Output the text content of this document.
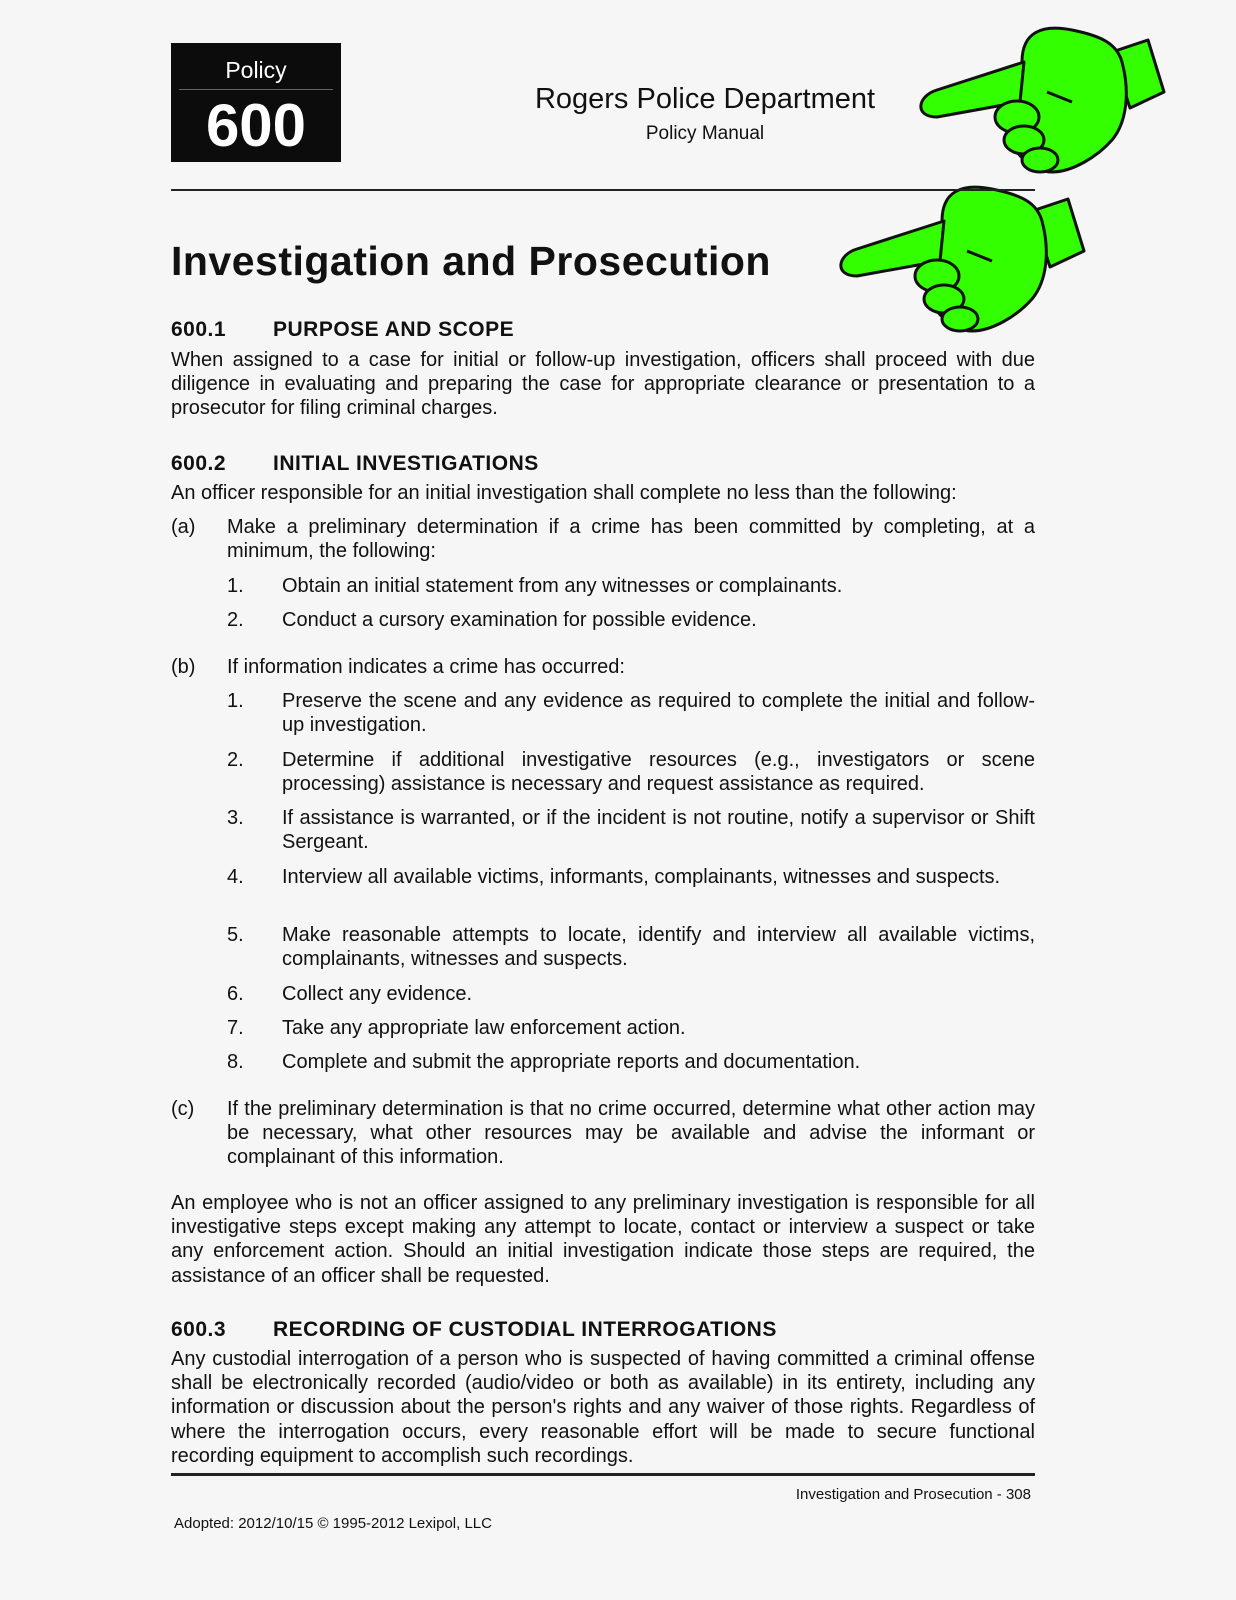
Policy
600	Rogers Police Department
Policy Manual
Investigation and Prosecution
600.1 PURPOSE AND SCOPE
When assigned to a case for initial or follow-up investigation, officers shall proceed with due diligence in evaluating and preparing the case for appropriate clearance or presentation to a prosecutor for filing criminal charges.
600.2 INITIAL INVESTIGATIONS
An officer responsible for an initial investigation shall complete no less than the following:
(a) Make a preliminary determination if a crime has been committed by completing, at a minimum, the following:
1. Obtain an initial statement from any witnesses or complainants.
2. Conduct a cursory examination for possible evidence.
(b) If information indicates a crime has occurred:
1. Preserve the scene and any evidence as required to complete the initial and follow-up investigation.
2. Determine if additional investigative resources (e.g., investigators or scene processing) assistance is necessary and request assistance as required.
3. If assistance is warranted, or if the incident is not routine, notify a supervisor or Shift Sergeant.
4. Interview all available victims, informants, complainants, witnesses and suspects.
5. Make reasonable attempts to locate, identify and interview all available victims, complainants, witnesses and suspects.
6. Collect any evidence.
7. Take any appropriate law enforcement action.
8. Complete and submit the appropriate reports and documentation.
(c) If the preliminary determination is that no crime occurred, determine what other action may be necessary, what other resources may be available and advise the informant or complainant of this information.
An employee who is not an officer assigned to any preliminary investigation is responsible for all investigative steps except making any attempt to locate, contact or interview a suspect or take any enforcement action. Should an initial investigation indicate those steps are required, the assistance of an officer shall be requested.
600.3 RECORDING OF CUSTODIAL INTERROGATIONS
Any custodial interrogation of a person who is suspected of having committed a criminal offense shall be electronically recorded (audio/video or both as available) in its entirety, including any information or discussion about the person's rights and any waiver of those rights. Regardless of where the interrogation occurs, every reasonable effort will be made to secure functional recording equipment to accomplish such recordings.
Investigation and Prosecution - 308
Adopted: 2012/10/15 © 1995-2012 Lexipol, LLC
